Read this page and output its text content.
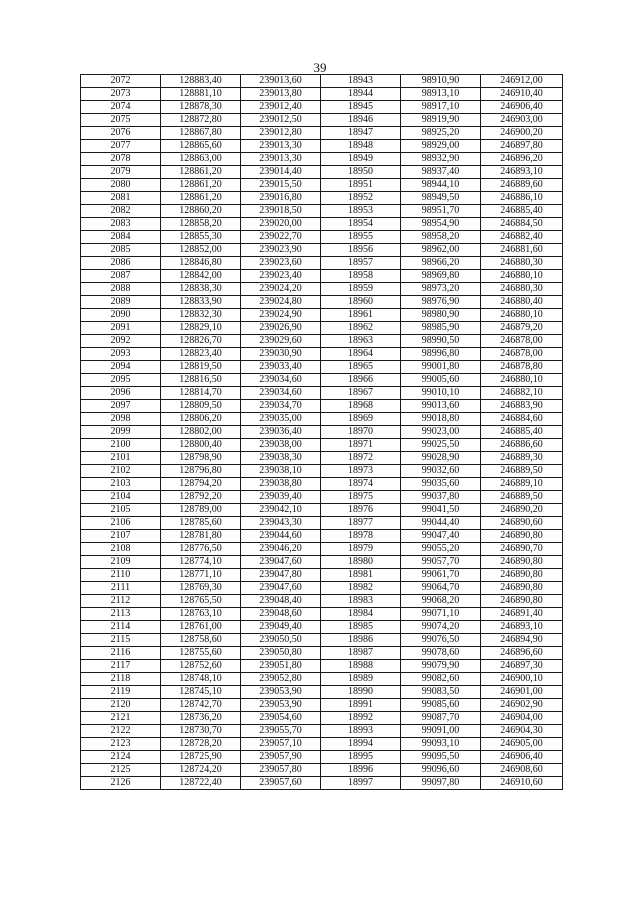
39
2072	128883,40	239013,60	18943	98910,90	246912,00
2073	128881,10	239013,80	18944	98913,10	246910,40
2074	128878,30	239012,40	18945	98917,10	246906,40
2075	128872,80	239012,50	18946	98919,90	246903,00
2076	128867,80	239012,80	18947	98925,20	246900,20
2077	128865,60	239013,30	18948	98929,00	246897,80
2078	128863,00	239013,30	18949	98932,90	246896,20
2079	128861,20	239014,40	18950	98937,40	246893,10
2080	128861,20	239015,50	18951	98944,10	246889,60
2081	128861,20	239016,80	18952	98949,50	246886,10
2082	128860,20	239018,50	18953	98951,70	246885,40
2083	128858,20	239020,00	18954	98954,90	246884,50
2084	128855,30	239022,70	18955	98958,20	246882,40
2085	128852,00	239023,90	18956	98962,00	246881,60
2086	128846,80	239023,60	18957	98966,20	246880,30
2087	128842,00	239023,40	18958	98969,80	246880,10
2088	128838,30	239024,20	18959	98973,20	246880,30
2089	128833,90	239024,80	18960	98976,90	246880,40
2090	128832,30	239024,90	18961	98980,90	246880,10
2091	128829,10	239026,90	18962	98985,90	246879,20
2092	128826,70	239029,60	18963	98990,50	246878,00
2093	128823,40	239030,90	18964	98996,80	246878,00
2094	128819,50	239033,40	18965	99001,80	246878,80
2095	128816,50	239034,60	18966	99005,60	246880,10
2096	128814,70	239034,60	18967	99010,10	246882,10
2097	128809,50	239034,70	18968	99013,60	246883,90
2098	128806,20	239035,00	18969	99018,80	246884,60
2099	128802,00	239036,40	18970	99023,00	246885,40
2100	128800,40	239038,00	18971	99025,50	246886,60
2101	128798,90	239038,30	18972	99028,90	246889,30
2102	128796,80	239038,10	18973	99032,60	246889,50
2103	128794,20	239038,80	18974	99035,60	246889,10
2104	128792,20	239039,40	18975	99037,80	246889,50
2105	128789,00	239042,10	18976	99041,50	246890,20
2106	128785,60	239043,30	18977	99044,40	246890,60
2107	128781,80	239044,60	18978	99047,40	246890,80
2108	128776,50	239046,20	18979	99055,20	246890,70
2109	128774,10	239047,60	18980	99057,70	246890,80
2110	128771,10	239047,80	18981	99061,70	246890,80
2111	128769,30	239047,60	18982	99064,70	246890,80
2112	128765,50	239048,40	18983	99068,20	246890,80
2113	128763,10	239048,60	18984	99071,10	246891,40
2114	128761,00	239049,40	18985	99074,20	246893,10
2115	128758,60	239050,50	18986	99076,50	246894,90
2116	128755,60	239050,80	18987	99078,60	246896,60
2117	128752,60	239051,80	18988	99079,90	246897,30
2118	128748,10	239052,80	18989	99082,60	246900,10
2119	128745,10	239053,90	18990	99083,50	246901,00
2120	128742,70	239053,90	18991	99085,60	246902,90
2121	128736,20	239054,60	18992	99087,70	246904,00
2122	128730,70	239055,70	18993	99091,00	246904,30
2123	128728,20	239057,10	18994	99093,10	246905,00
2124	128725,90	239057,90	18995	99095,50	246906,40
2125	128724,20	239057,80	18996	99096,60	246908,60
2126	128722,40	239057,60	18997	99097,80	246910,60
